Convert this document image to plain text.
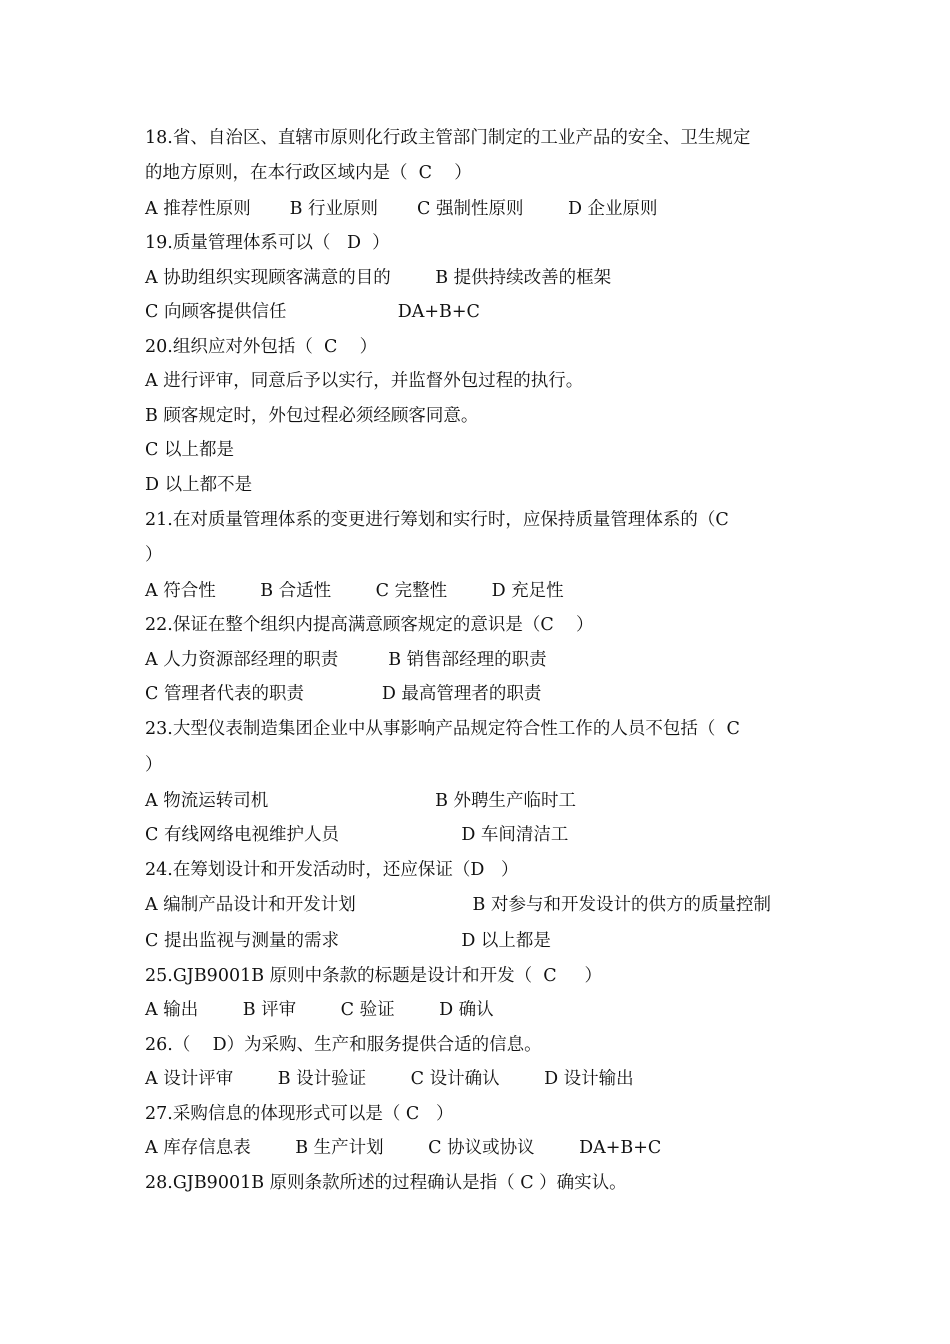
18.省、自治区、直辖市原则化行政主管部门制定的工业产品的安全、卫生规定
的地方原则，在本行政区域内是（  C    ）
A 推荐性原则       B 行业原则       C 强制性原则        D 企业原则
19.质量管理体系可以（   D  ）
A 协助组织实现顾客满意的目的        B 提供持续改善的框架
C 向顾客提供信任                    DA+B+C
20.组织应对外包括（  C    ）
A 进行评审，同意后予以实行，并监督外包过程的执行。
B 顾客规定时，外包过程必须经顾客同意。
C 以上都是
D 以上都不是
21.在对质量管理体系的变更进行筹划和实行时，应保持质量管理体系的（C
）
A 符合性        B 合适性        C 完整性        D 充足性
22.保证在整个组织内提高满意顾客规定的意识是（C    ）
A 人力资源部经理的职责         B 销售部经理的职责
C 管理者代表的职责              D 最高管理者的职责
23.大型仪表制造集团企业中从事影响产品规定符合性工作的人员不包括（  C
）
A 物流运转司机                              B 外聘生产临时工
C 有线网络电视维护人员                      D 车间清洁工
24.在筹划设计和开发活动时，还应保证（D   ）
A 编制产品设计和开发计划                     B 对参与和开发设计的供方的质量控制
C 提出监视与测量的需求                      D 以上都是
25.GJB9001B 原则中条款的标题是设计和开发（  C     ）
A 输出        B 评审        C 验证        D 确认
26.（    D）为采购、生产和服务提供合适的信息。
A 设计评审        B 设计验证        C 设计确认        D 设计输出
27.采购信息的体现形式可以是（ C   ）
A 库存信息表        B 生产计划        C 协议或协议        DA+B+C
28.GJB9001B 原则条款所述的过程确认是指（ C ）确实认。
